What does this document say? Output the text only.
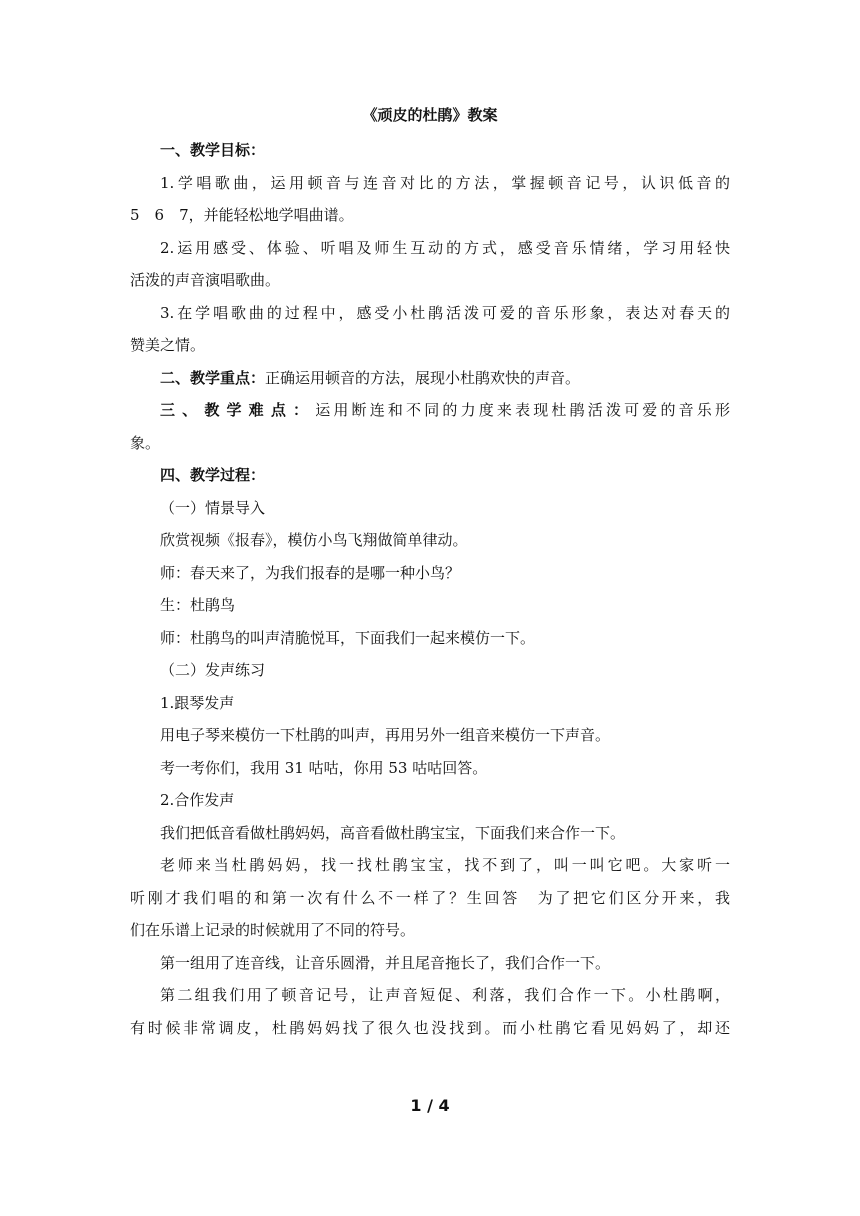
《顽皮的杜鹃》教案

一、教学目标：

1.学唱歌曲，运用顿音与连音对比的方法，掌握顿音记号，认识低音的

5　6　7，并能轻松地学唱曲谱。

2.运用感受、体验、听唱及师生互动的方式，感受音乐情绪，学习用轻快

活泼的声音演唱歌曲。

3.在学唱歌曲的过程中，感受小杜鹃活泼可爱的音乐形象，表达对春天的

赞美之情。

二、教学重点：正确运用顿音的方法，展现小杜鹃欢快的声音。

三、教学难点：运用断连和不同的力度来表现杜鹃活泼可爱的音乐形

象。

四、教学过程：

（一）情景导入

欣赏视频《报春》，模仿小鸟飞翔做简单律动。

师：春天来了，为我们报春的是哪一种小鸟？

生：杜鹃鸟

师：杜鹃鸟的叫声清脆悦耳，下面我们一起来模仿一下。

（二）发声练习

1.跟琴发声

用电子琴来模仿一下杜鹃的叫声，再用另外一组音来模仿一下声音。

考一考你们，我用 31 咕咕，你用 53 咕咕回答。

2.合作发声

我们把低音看做杜鹃妈妈，高音看做杜鹃宝宝，下面我们来合作一下。

老师来当杜鹃妈妈，找一找杜鹃宝宝，找不到了，叫一叫它吧。大家听一

听刚才我们唱的和第一次有什么不一样了？生回答　为了把它们区分开来，我

们在乐谱上记录的时候就用了不同的符号。

第一组用了连音线，让音乐圆滑，并且尾音拖长了，我们合作一下。

第二组我们用了顿音记号，让声音短促、利落，我们合作一下。小杜鹃啊，

有时候非常调皮，杜鹃妈妈找了很久也没找到。而小杜鹃它看见妈妈了，却还

1 / 4
